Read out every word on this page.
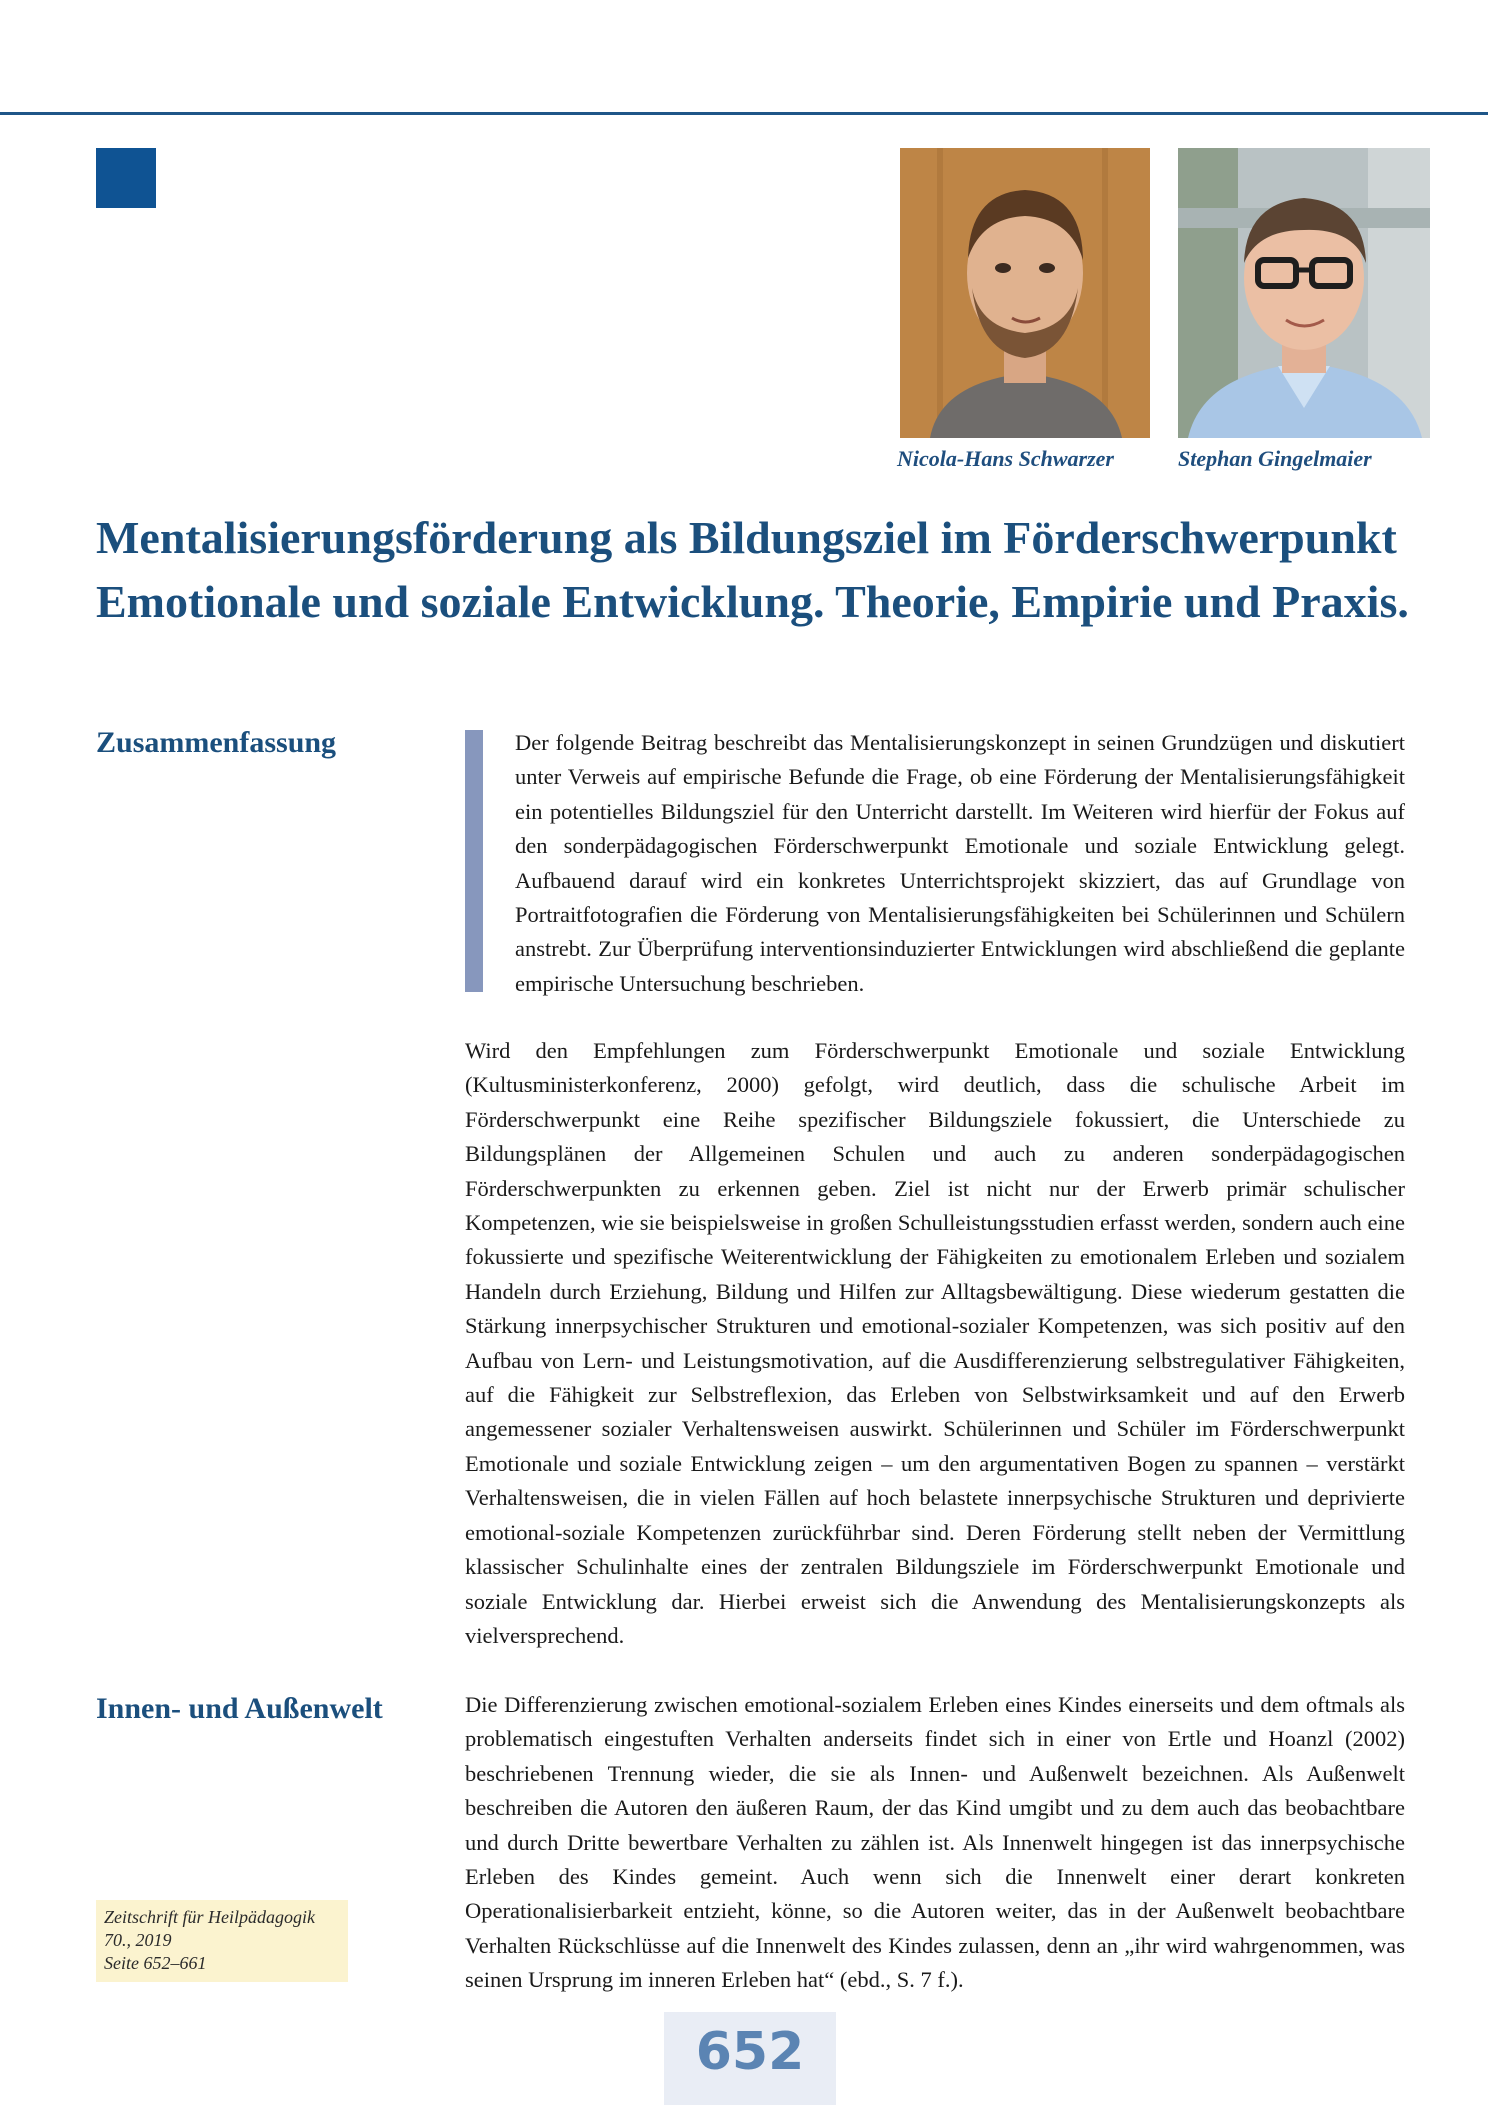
Nicola-Hans Schwarzer	Stephan Gingelmaier
Mentalisierungsförderung als Bildungsziel im Förderschwerpunkt Emotionale und soziale Entwicklung. Theorie, Empirie und Praxis.
Zusammenfassung	Der folgende Beitrag beschreibt das Mentalisierungskonzept in seinen Grundzügen und diskutiert unter Verweis auf empirische Befunde die Frage, ob eine Förderung der Mentalisierungsfähigkeit ein potentielles Bildungsziel für den Unterricht darstellt. Im Weiteren wird hierfür der Fokus auf den sonderpädagogischen Förderschwerpunkt Emotionale und soziale Entwicklung gelegt. Aufbauend darauf wird ein konkretes Unterrichtsprojekt skizziert, das auf Grundlage von Portraitfotografien die Förderung von Mentalisierungsfähigkeiten bei Schülerinnen und Schülern anstrebt. Zur Überprüfung interventionsinduzierter Entwicklungen wird abschließend die geplante empirische Untersuchung beschrieben.

Wird den Empfehlungen zum Förderschwerpunkt Emotionale und soziale Entwicklung (Kultusministerkonferenz, 2000) gefolgt, wird deutlich, dass die schulische Arbeit im Förderschwerpunkt eine Reihe spezifischer Bildungsziele fokussiert, die Unterschiede zu Bildungsplänen der Allgemeinen Schulen und auch zu anderen sonderpädagogischen Förderschwerpunkten zu erkennen geben. Ziel ist nicht nur der Erwerb primär schulischer Kompetenzen, wie sie beispielsweise in großen Schulleistungsstudien erfasst werden, sondern auch eine fokussierte und spezifische Weiterentwicklung der Fähigkeiten zu emotionalem Erleben und sozialem Handeln durch Erziehung, Bildung und Hilfen zur Alltagsbewältigung. Diese wiederum gestatten die Stärkung innerpsychischer Strukturen und emotional-sozialer Kompetenzen, was sich positiv auf den Aufbau von Lern- und Leistungsmotivation, auf die Ausdifferenzierung selbstregulativer Fähigkeiten, auf die Fähigkeit zur Selbstreflexion, das Erleben von Selbstwirksamkeit und auf den Erwerb angemessener sozialer Verhaltensweisen auswirkt. Schülerinnen und Schüler im Förderschwerpunkt Emotionale und soziale Entwicklung zeigen – um den argumentativen Bogen zu spannen – verstärkt Verhaltensweisen, die in vielen Fällen auf hoch belastete innerpsychische Strukturen und deprivierte emotional-soziale Kompetenzen zurückführbar sind. Deren Förderung stellt neben der Vermittlung klassischer Schulinhalte eines der zentralen Bildungsziele im Förderschwerpunkt Emotionale und soziale Entwicklung dar. Hierbei erweist sich die Anwendung des Mentalisierungskonzepts als vielversprechend.

Innen- und Außenwelt	Die Differenzierung zwischen emotional-sozialem Erleben eines Kindes einerseits und dem oftmals als problematisch eingestuften Verhalten anderseits findet sich in einer von Ertle und Hoanzl (2002) beschriebenen Trennung wieder, die sie als Innen- und Außenwelt bezeichnen. Als Außenwelt beschreiben die Autoren den äußeren Raum, der das Kind umgibt und zu dem auch das beobachtbare und durch Dritte bewertbare Verhalten zu zählen ist. Als Innenwelt hingegen ist das innerpsychische Erleben des Kindes gemeint. Auch wenn sich die Innenwelt einer derart konkreten Operationalisierbarkeit entzieht, könne, so die Autoren weiter, das in der Außenwelt beobachtbare Verhalten Rückschlüsse auf die Innenwelt des Kindes zulassen, denn an „ihr wird wahrgenommen, was seinen Ursprung im inneren Erleben hat“ (ebd., S. 7 f.).

Zeitschrift für Heilpädagogik
70., 2019
Seite 652–661
652
